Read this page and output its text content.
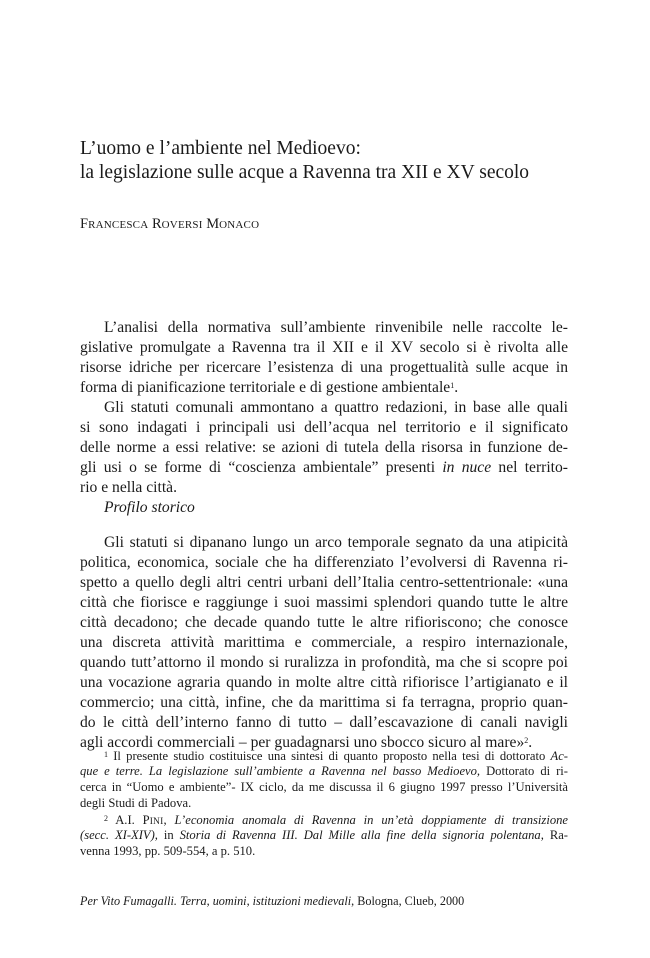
L’uomo e l’ambiente nel Medioevo:
la legislazione sulle acque a Ravenna tra XII e XV secolo
FRANCESCA ROVERSI MONACO
L’analisi della normativa sull’ambiente rinvenibile nelle raccolte le-
gislative promulgate a Ravenna tra il XII e il XV secolo si è rivolta alle
risorse idriche per ricercare l’esistenza di una progettualità sulle acque in
forma di pianificazione territoriale e di gestione ambientale$^1$.
Gli statuti comunali ammontano a quattro redazioni, in base alle quali
si sono indagati i principali usi dell’acqua nel territorio e il significato
delle norme a essi relative: se azioni di tutela della risorsa in funzione de-
gli usi o se forme di “coscienza ambientale” presenti in nuce nel territo-
rio e nella città.
Profilo storico
Gli statuti si dipanano lungo un arco temporale segnato da una atipicità
politica, economica, sociale che ha differenziato l’evolversi di Ravenna ri-
spetto a quello degli altri centri urbani dell’Italia centro-settentrionale: «una
città che fiorisce e raggiunge i suoi massimi splendori quando tutte le altre
città decadono; che decade quando tutte le altre rifioriscono; che conosce
una discreta attività marittima e commerciale, a respiro internazionale,
quando tutt’attorno il mondo si ruralizza in profondità, ma che si scopre poi
una vocazione agraria quando in molte altre città rifiorisce l’artigianato e il
commercio; una città, infine, che da marittima si fa terragna, proprio quan-
do le città dell’interno fanno di tutto – dall’escavazione di canali navigli
agli accordi commerciali – per guadagnarsi uno sbocco sicuro al mare»$^2$.
$^1$ Il presente studio costituisce una sintesi di quanto proposto nella tesi di dottorato Ac-
que e terre. La legislazione sull’ambiente a Ravenna nel basso Medioevo, Dottorato di ri-
cerca in “Uomo e ambiente”- IX ciclo, da me discussa il 6 giugno 1997 presso l’Università
degli Studi di Padova.
$^2$ A.I. PINI, L’economia anomala di Ravenna in un’età doppiamente di transizione
(secc. XI-XIV), in Storia di Ravenna III. Dal Mille alla fine della signoria polentana, Ra-
venna 1993, pp. 509-554, a p. 510.
Per Vito Fumagalli. Terra, uomini, istituzioni medievali, Bologna, Clueb, 2000
